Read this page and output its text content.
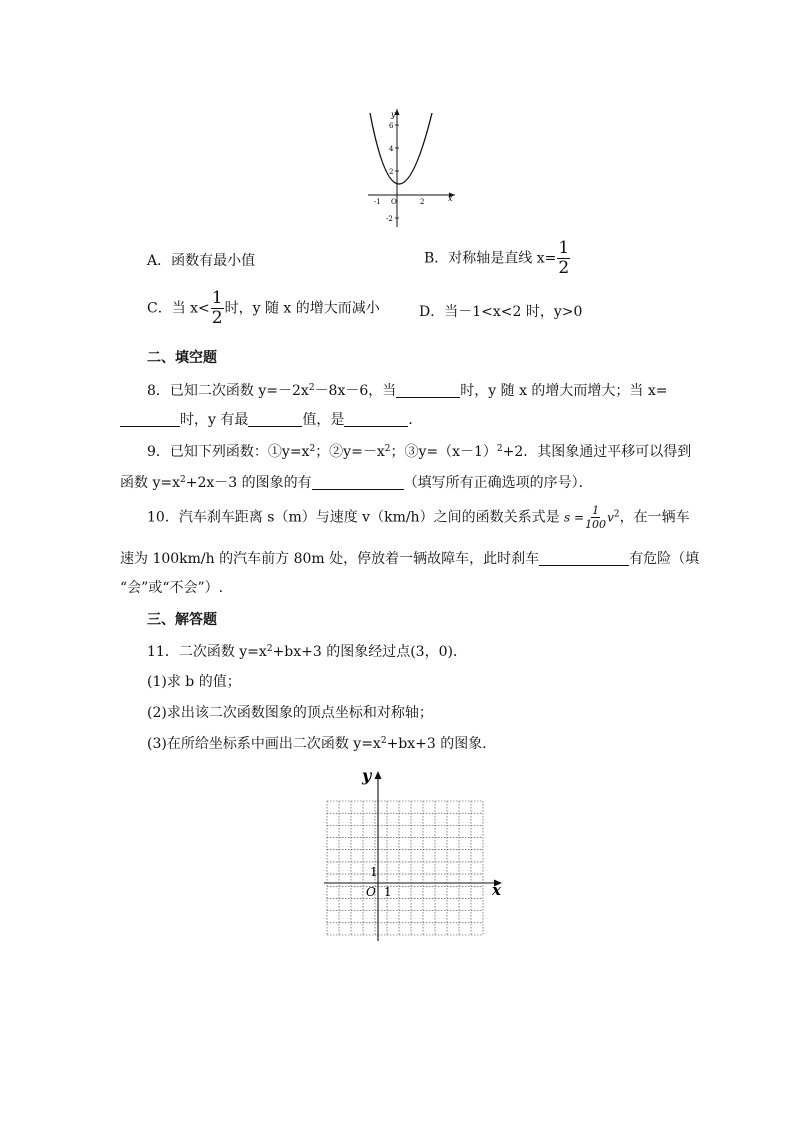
y
x
6
4
2
-1 O	2
-2
A．函数有最小值	B．对称轴是直线 $x= \frac{1}{2}$
C．当 $x< \frac{1}{2}$ 时，y 随 x 的增大而减小	D．当－1<x<2 时，y>0
二、填空题
8．已知二次函数 $y=-2x^2-8x-6$，当	时，y 随 x 的增大而增大；当 x=
时，y 有最	值，是	．
9．已知下列函数：$①y=x^2$；$②y=-x^2$；$③y=(x-1)^2+2$．其图象通过平移可以得到
函数 $y=x^2+2x-3$ 的图象的有	（填写所有正确选项的序号）．
10．汽车刹车距离 s（m）与速度 v（km/h）之间的函数关系式是 $s = \frac{1}{100} v^2$，在一辆车
速为 100km/h 的汽车前方 80m 处，停放着一辆故障车，此时刹车	有危险（填
“会”或“不会”）.
三、解答题
11．二次函数 $y=x^2+bx+3$ 的图象经过点(3，0)．
(1)求 b 的值；
(2)求出该二次函数图象的顶点坐标和对称轴；
(3)在所给坐标系中画出二次函数 $y=x^2+bx+3$ 的图象．
y
x
O 1
1
